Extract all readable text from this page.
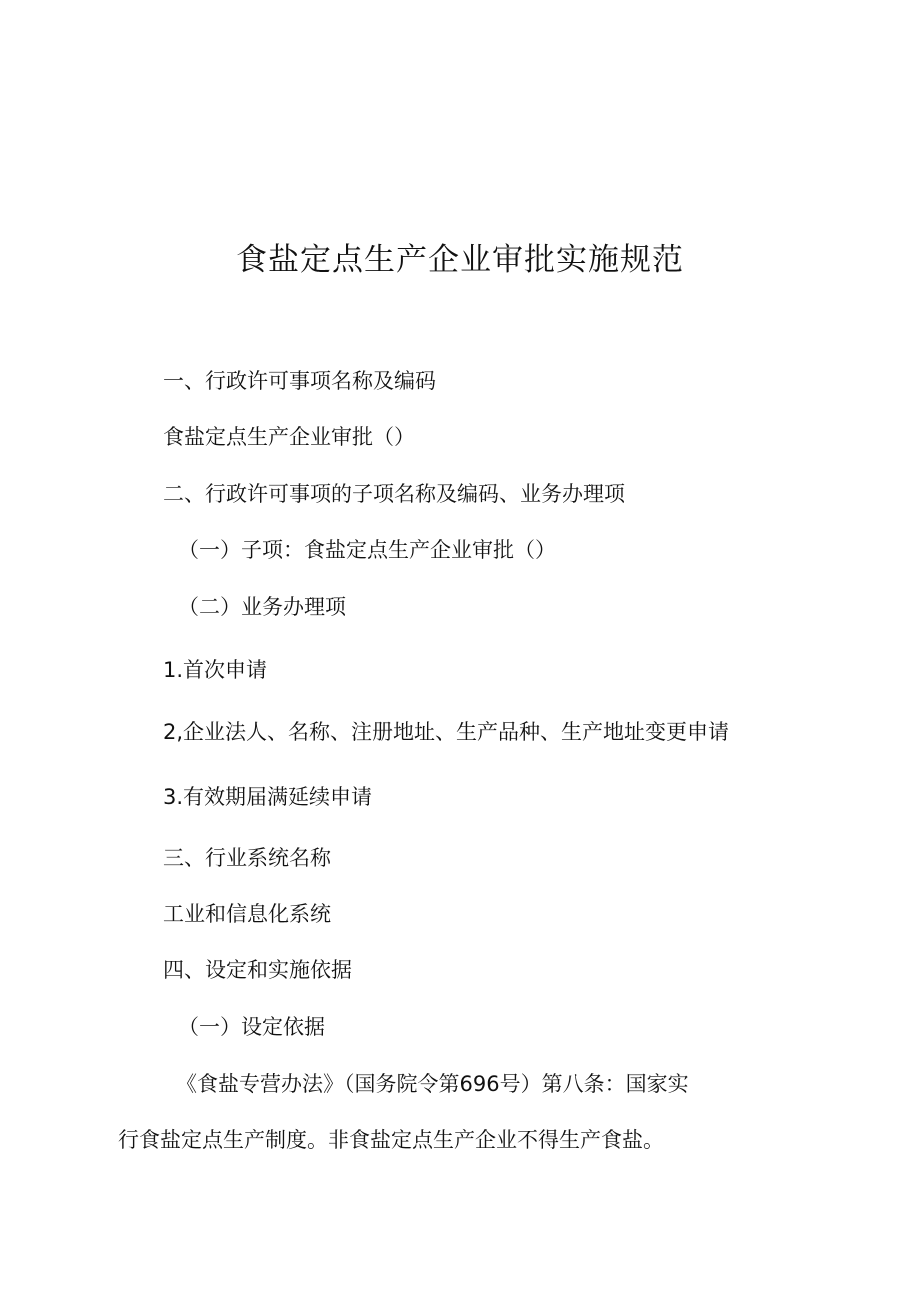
食盐定点生产企业审批实施规范
一、行政许可事项名称及编码
食盐定点生产企业审批（）
二、行政许可事项的子项名称及编码、业务办理项
（一）子项：食盐定点生产企业审批（）
（二）业务办理项
1.首次申请
2,企业法人、名称、注册地址、生产品种、生产地址变更申请
3.有效期届满延续申请
三、行业系统名称
工业和信息化系统
四、设定和实施依据
（一）设定依据
《食盐专营办法》（国务院令第696号）第八条：国家实
行食盐定点生产制度。非食盐定点生产企业不得生产食盐。
